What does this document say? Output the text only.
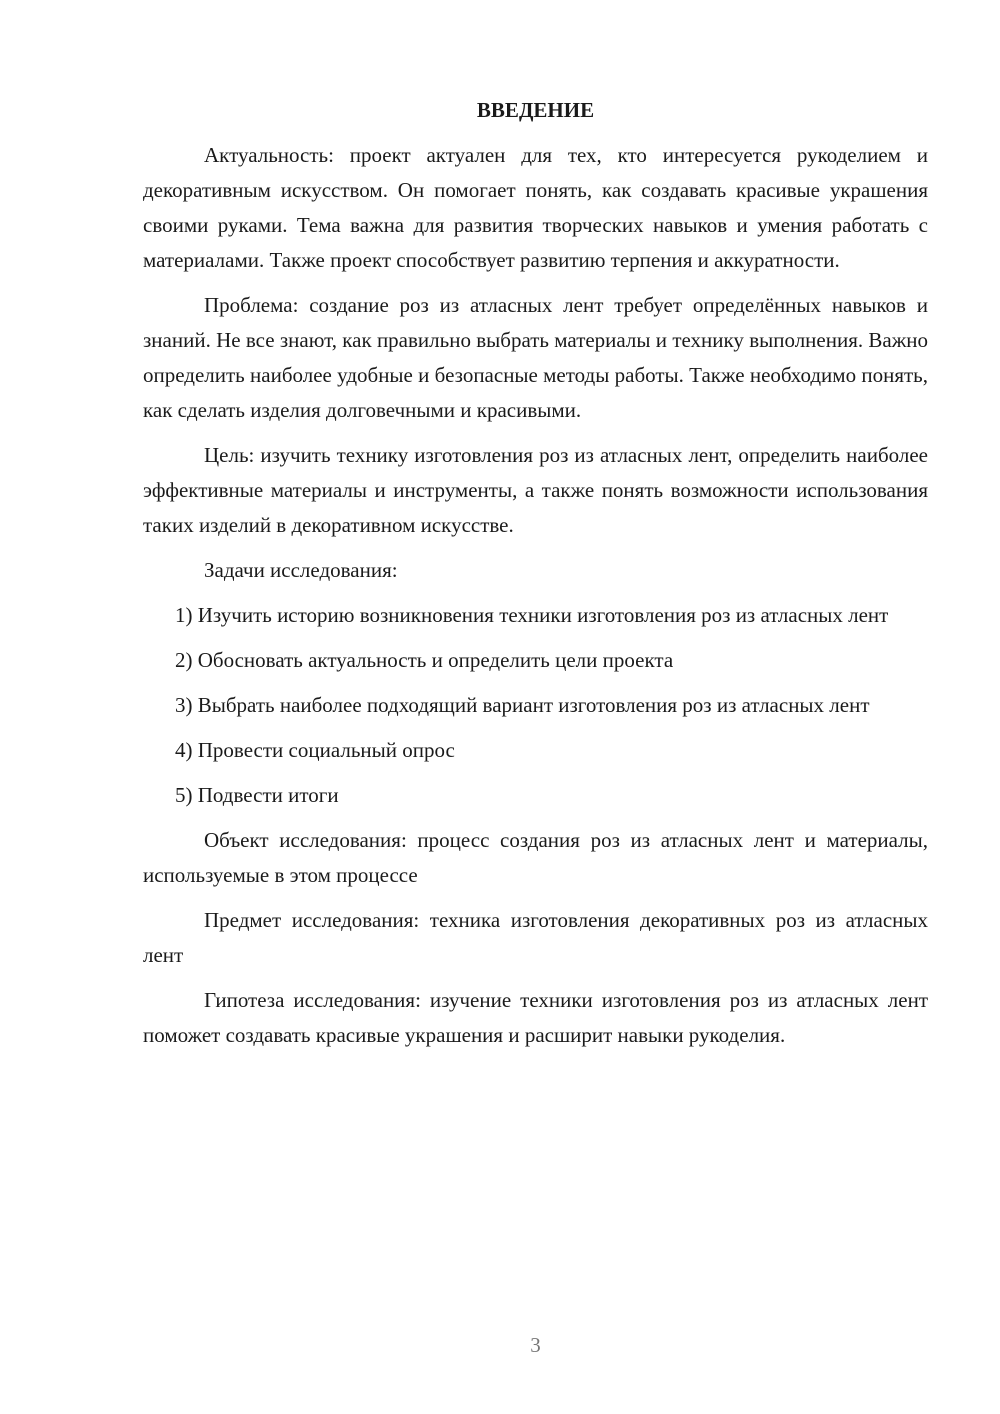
ВВЕДЕНИЕ
Актуальность: проект актуален для тех, кто интересуется рукоделием и декоративным искусством. Он помогает понять, как создавать красивые украшения своими руками. Тема важна для развития творческих навыков и умения работать с материалами. Также проект способствует развитию терпения и аккуратности.
Проблема: создание роз из атласных лент требует определённых навыков и знаний. Не все знают, как правильно выбрать материалы и технику выполнения. Важно определить наиболее удобные и безопасные методы работы. Также необходимо понять, как сделать изделия долговечными и красивыми.
Цель: изучить технику изготовления роз из атласных лент, определить наиболее эффективные материалы и инструменты, а также понять возможности использования таких изделий в декоративном искусстве.
Задачи исследования:
1) Изучить историю возникновения техники изготовления роз из атласных лент
2) Обосновать актуальность и определить цели проекта
3) Выбрать наиболее подходящий вариант изготовления роз из атласных лент
4) Провести социальный опрос
5) Подвести итоги
Объект исследования: процесс создания роз из атласных лент и материалы, используемые в этом процессе
Предмет исследования: техника изготовления декоративных роз из атласных лент
Гипотеза исследования: изучение техники изготовления роз из атласных лент поможет создавать красивые украшения и расширит навыки рукоделия.
3
